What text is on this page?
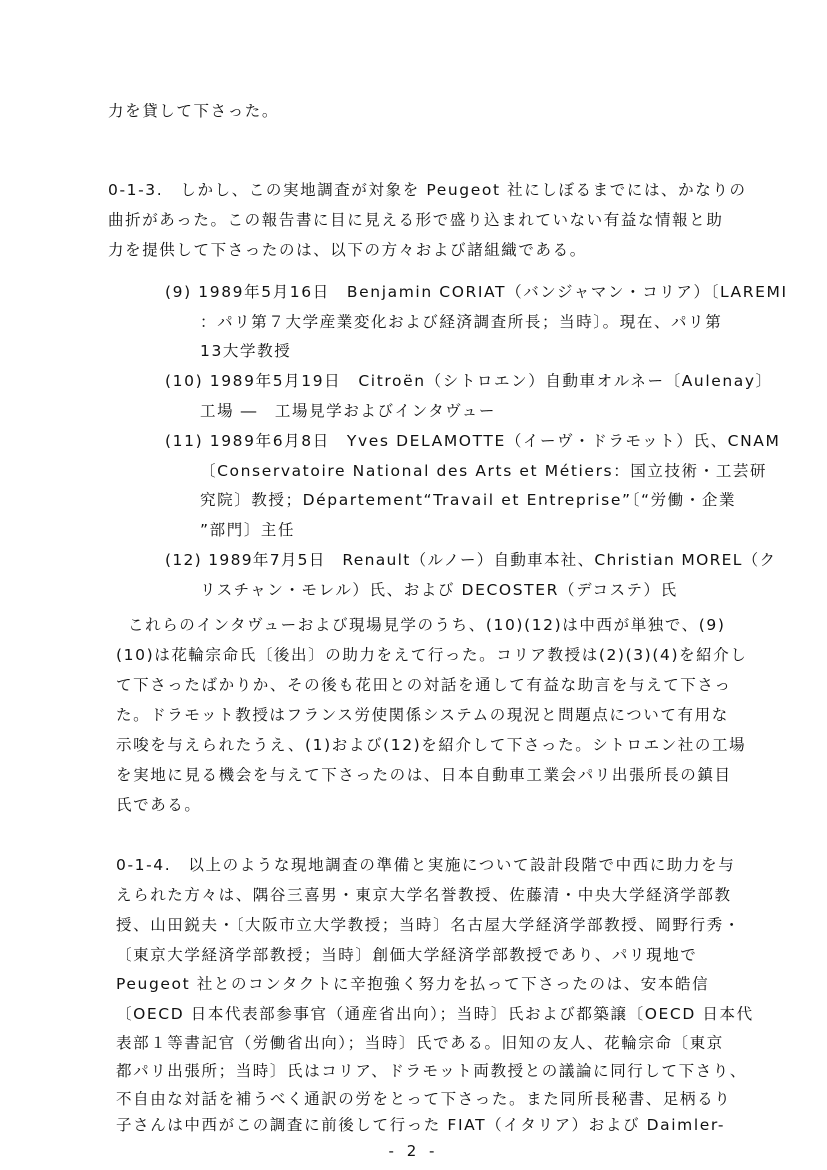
力を貸して下さった。
0-1-3.　しかし、この実地調査が対象を Peugeot 社にしぼるまでには、かなりの
曲折があった。この報告書に目に見える形で盛り込まれていない有益な情報と助
力を提供して下さったのは、以下の方々および諸組織である。
(9) 1989年5月16日　Benjamin CORIAT（バンジャマン・コリア）〔LAREMI
：パリ第７大学産業変化および経済調査所長；当時〕。現在、パリ第
13大学教授
(10) 1989年5月19日　Citroën（シトロエン）自動車オルネー〔Aulenay〕
工場 ―　工場見学およびインタヴュー
(11) 1989年6月8日　Yves DELAMOTTE（イーヴ・ドラモット）氏、CNAM
〔Conservatoire National des Arts et Métiers：国立技術・工芸研
究院〕教授；Département“Travail et Entreprise”〔“労働・企業
”部門〕主任
(12) 1989年7月5日　Renault（ルノー）自動車本社、Christian MOREL（ク
リスチャン・モレル）氏、および DECOSTER（デコステ）氏
これらのインタヴューおよび現場見学のうち、(10)(12)は中西が単独で、(9)
(10)は花輪宗命氏〔後出〕の助力をえて行った。コリア教授は(2)(3)(4)を紹介し
て下さったばかりか、その後も花田との対話を通して有益な助言を与えて下さっ
た。ドラモット教授はフランス労使関係システムの現況と問題点について有用な
示唆を与えられたうえ、(1)および(12)を紹介して下さった。シトロエン社の工場
を実地に見る機会を与えて下さったのは、日本自動車工業会パリ出張所長の鎮目
氏である。
0-1-4.　以上のような現地調査の準備と実施について設計段階で中西に助力を与
えられた方々は、隅谷三喜男・東京大学名誉教授、佐藤清・中央大学経済学部教
授、山田鋭夫・〔大阪市立大学教授；当時〕名古屋大学経済学部教授、岡野行秀・
〔東京大学経済学部教授；当時〕創価大学経済学部教授であり、パリ現地で
Peugeot 社とのコンタクトに辛抱強く努力を払って下さったのは、安本皓信
〔OECD 日本代表部参事官（通産省出向）；当時〕氏および都築譲〔OECD 日本代
表部１等書記官（労働省出向）；当時〕氏である。旧知の友人、花輪宗命〔東京
都パリ出張所；当時〕氏はコリア、ドラモット両教授との議論に同行して下さり、
不自由な対話を補うべく通訳の労をとって下さった。また同所長秘書、足柄るり
子さんは中西がこの調査に前後して行った FIAT（イタリア）および Daimler-
- 2 -
